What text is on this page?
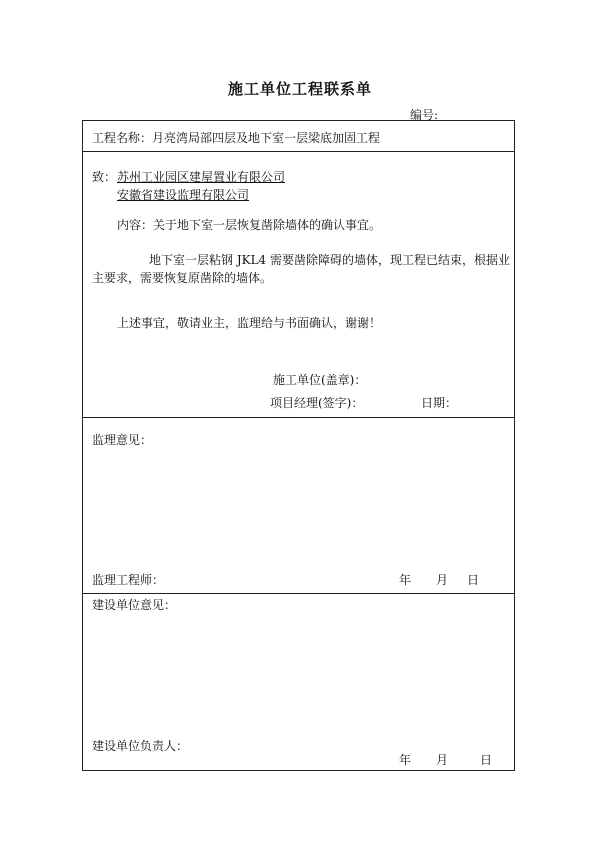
施工单位工程联系单
编号:
工程名称：月亮湾局部四层及地下室一层梁底加固工程
致： 苏州工业园区建屋置业有限公司
安徽省建设监理有限公司
内容：关于地下室一层恢复凿除墙体的确认事宜。
地下室一层粘钢 JKL4 需要凿除障碍的墙体，现工程已结束，根据业
主要求，需要恢复原凿除的墙体。
上述事宜，敬请业主，监理给与书面确认，谢谢！
施工单位(盖章)：
项目经理(签字)：	日期：
监理意见：
监理工程师：	年 月 日
建设单位意见：
建设单位负责人：
年 月	日
